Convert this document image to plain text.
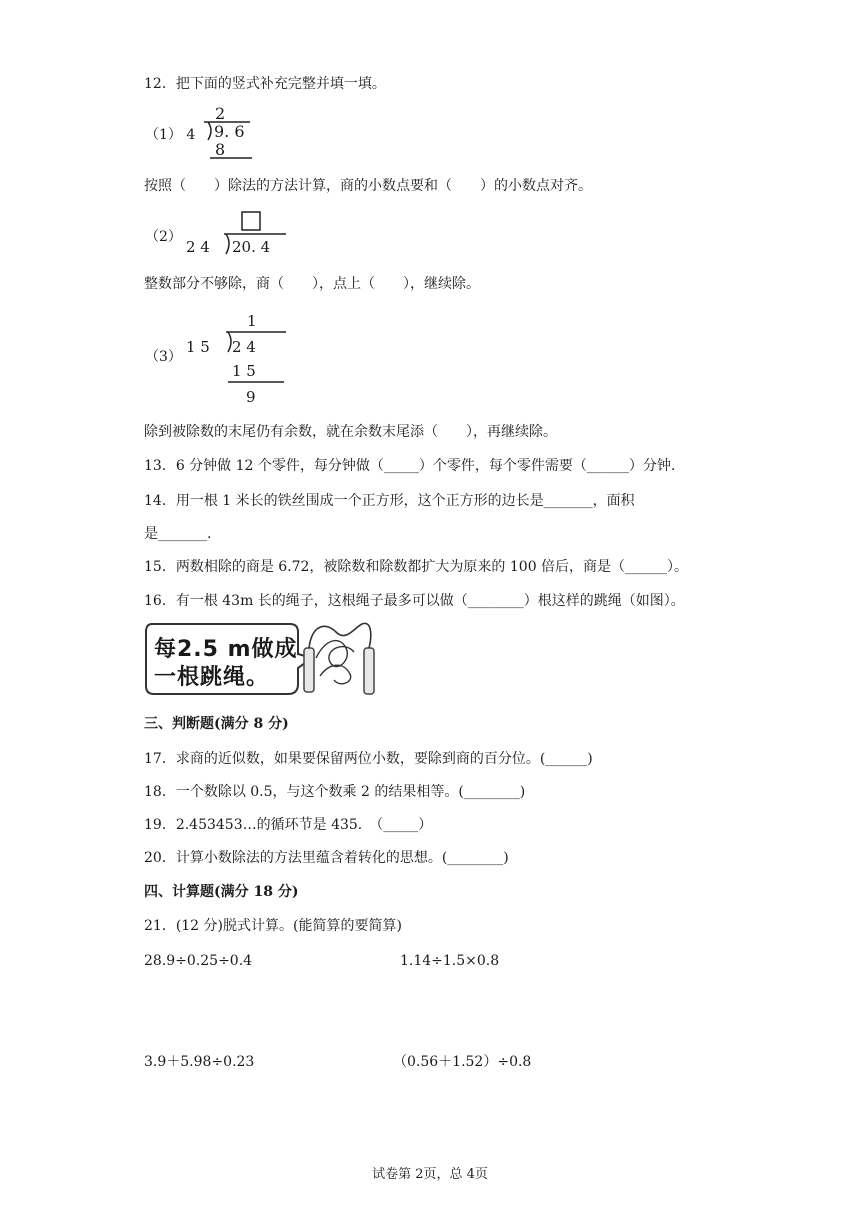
12．把下面的竖式补充完整并填一填。
（1） 4
2
9. 6
8
按照（　　）除法的方法计算，商的小数点要和（　　）的小数点对齐。
（2）
2 4 20. 4
整数部分不够除，商（　　），点上（　　），继续除。
（3）
1
1 5 2 4
1 5
9
除到被除数的末尾仍有余数，就在余数末尾添（　　），再继续除。
13．6 分钟做 12 个零件，每分钟做（_____）个零件，每个零件需要（______）分钟.
14．用一根 1 米长的铁丝围成一个正方形，这个正方形的边长是_______，面积
是_______.
15．两数相除的商是 6.72，被除数和除数都扩大为原来的 100 倍后，商是（______）。
16．有一根 43m 长的绳子，这根绳子最多可以做（________）根这样的跳绳（如图）。
每2.5 m做成
一根跳绳。
三、判断题(满分 8 分)
17．求商的近似数，如果要保留两位小数，要除到商的百分位。(______)
18．一个数除以 0.5，与这个数乘 2 的结果相等。(________)
19．2.453453…的循环节是 435.　（_____）
20．计算小数除法的方法里蕴含着转化的思想。(________)
四、计算题(满分 18 分)
21．(12 分)脱式计算。(能简算的要简算)
28.9÷0.25÷0.4	1.14÷1.5×0.8
3.9＋5.98÷0.23	（0.56＋1.52）÷0.8
试卷第 2页，总 4页
